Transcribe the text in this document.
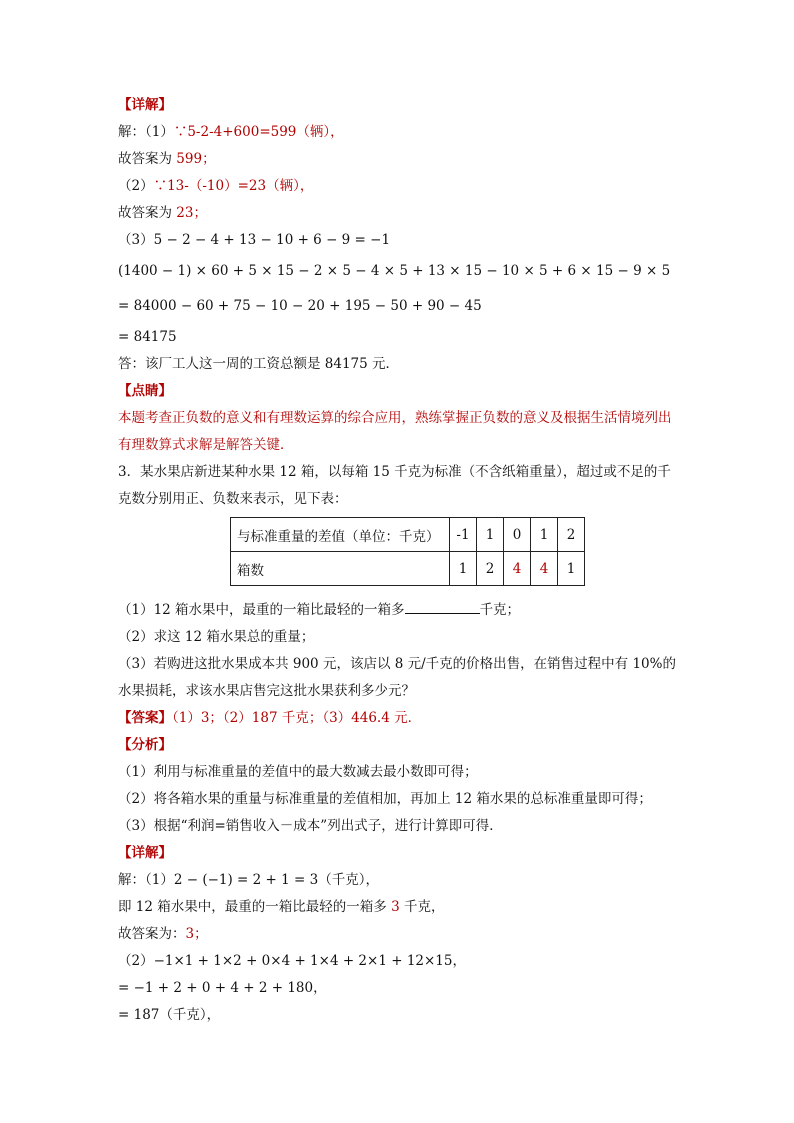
【详解】
解：（1）∵5-2-4+600=599（辆），
故答案为 599；
（2）∵13-（-10）=23（辆），
故答案为 23；
（3）5 − 2 − 4 + 13 − 10 + 6 − 9 = −1
(1400 − 1) × 60 + 5 × 15 − 2 × 5 − 4 × 5 + 13 × 15 − 10 × 5 + 6 × 15 − 9 × 5
= 84000 − 60 + 75 − 10 − 20 + 195 − 50 + 90 − 45
= 84175
答：该厂工人这一周的工资总额是 84175 元．
【点睛】
本题考查正负数的意义和有理数运算的综合应用，熟练掌握正负数的意义及根据生活情境列出有理数算式求解是解答关键．
3．某水果店新进某种水果 12 箱，以每箱 15 千克为标准（不含纸箱重量），超过或不足的千克数分别用正、负数来表示，见下表：
与标准重量的差值（单位：千克）	-1	1	0	1	2
箱数	1	2	4	4	1
（1）12 箱水果中，最重的一箱比最轻的一箱多	千克；
（2）求这 12 箱水果总的重量；
（3）若购进这批水果成本共 900 元，该店以 8 元/千克的价格出售，在销售过程中有 10%的水果损耗，求该水果店售完这批水果获利多少元？
【答案】（1）3；（2）187 千克；（3）446.4 元．
【分析】
（1）利用与标准重量的差值中的最大数减去最小数即可得；
（2）将各箱水果的重量与标准重量的差值相加，再加上 12 箱水果的总标准重量即可得；
（3）根据“利润=销售收入－成本”列出式子，进行计算即可得．
【详解】
解：（1）2 − (−1) = 2 + 1 = 3（千克），
即 12 箱水果中，最重的一箱比最轻的一箱多 3 千克，
故答案为：3；
（2）−1×1 + 1×2 + 0×4 + 1×4 + 2×1 + 12×15，
= −1 + 2 + 0 + 4 + 2 + 180，
= 187（千克），
